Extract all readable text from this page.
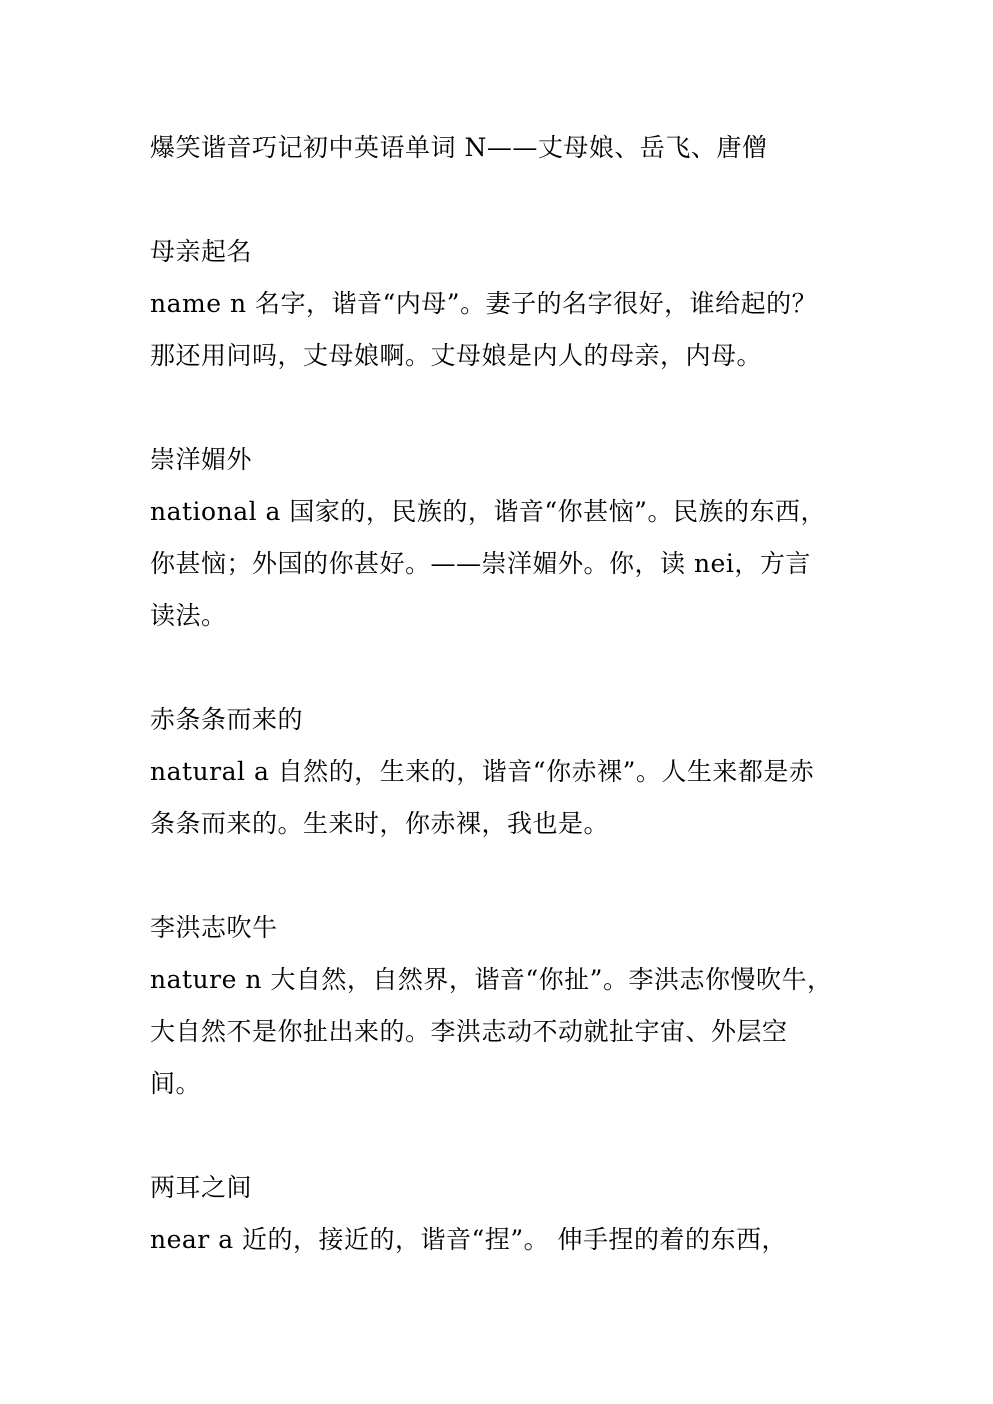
爆笑谐音巧记初中英语单词 N——丈母娘、岳飞、唐僧
母亲起名
name n 名字，谐音“内母”。妻子的名字很好，谁给起的？
那还用问吗，丈母娘啊。丈母娘是内人的母亲，内母。
崇洋媚外
national a 国家的，民族的，谐音“你甚恼”。民族的东西，
你甚恼；外国的你甚好。——崇洋媚外。你，读 nei，方言
读法。
赤条条而来的
natural a 自然的，生来的，谐音“你赤裸”。人生来都是赤
条条而来的。生来时，你赤裸，我也是。
李洪志吹牛
nature n 大自然，自然界，谐音“你扯”。李洪志你慢吹牛，
大自然不是你扯出来的。李洪志动不动就扯宇宙、外层空
间。
两耳之间
near a 近的，接近的，谐音“捏”。 伸手捏的着的东西，
